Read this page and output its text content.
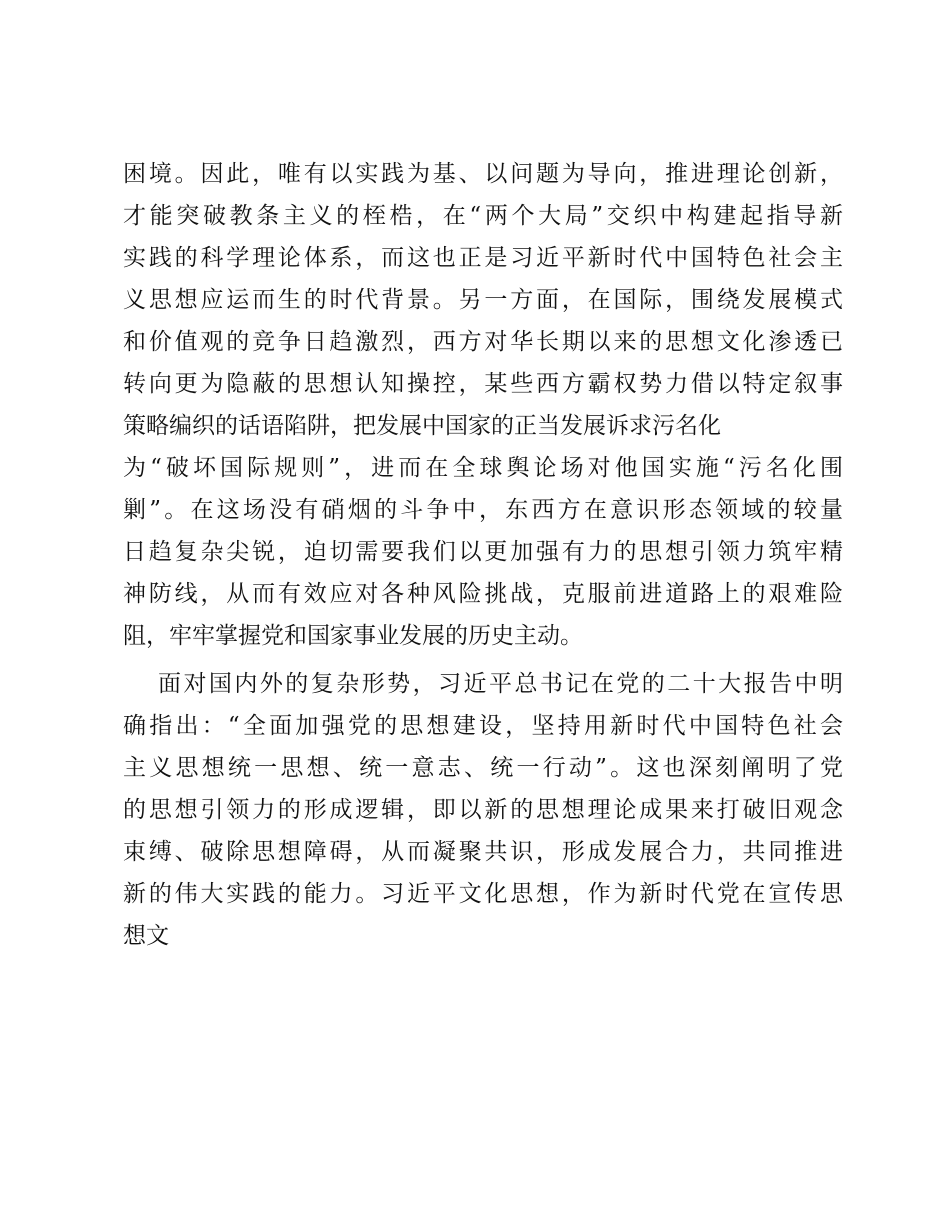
困境。因此，唯有以实践为基、以问题为导向，推进理论创新，
才能突破教条主义的桎梏，在“两个大局”交织中构建起指导新
实践的科学理论体系，而这也正是习近平新时代中国特色社会主
义思想应运而生的时代背景。另一方面，在国际，围绕发展模式
和价值观的竞争日趋激烈，西方对华长期以来的思想文化渗透已
转向更为隐蔽的思想认知操控，某些西方霸权势力借以特定叙事
策略编织的话语陷阱，把发展中国家的正当发展诉求污名化
为“破坏国际规则”，进而在全球舆论场对他国实施“污名化围
剿”。在这场没有硝烟的斗争中，东西方在意识形态领域的较量
日趋复杂尖锐，迫切需要我们以更加强有力的思想引领力筑牢精
神防线，从而有效应对各种风险挑战，克服前进道路上的艰难险
阻，牢牢掌握党和国家事业发展的历史主动。
面对国内外的复杂形势，习近平总书记在党的二十大报告中明
确指出：“全面加强党的思想建设，坚持用新时代中国特色社会
主义思想统一思想、统一意志、统一行动”。这也深刻阐明了党
的思想引领力的形成逻辑，即以新的思想理论成果来打破旧观念
束缚、破除思想障碍，从而凝聚共识，形成发展合力，共同推进
新的伟大实践的能力。习近平文化思想，作为新时代党在宣传思
想文
